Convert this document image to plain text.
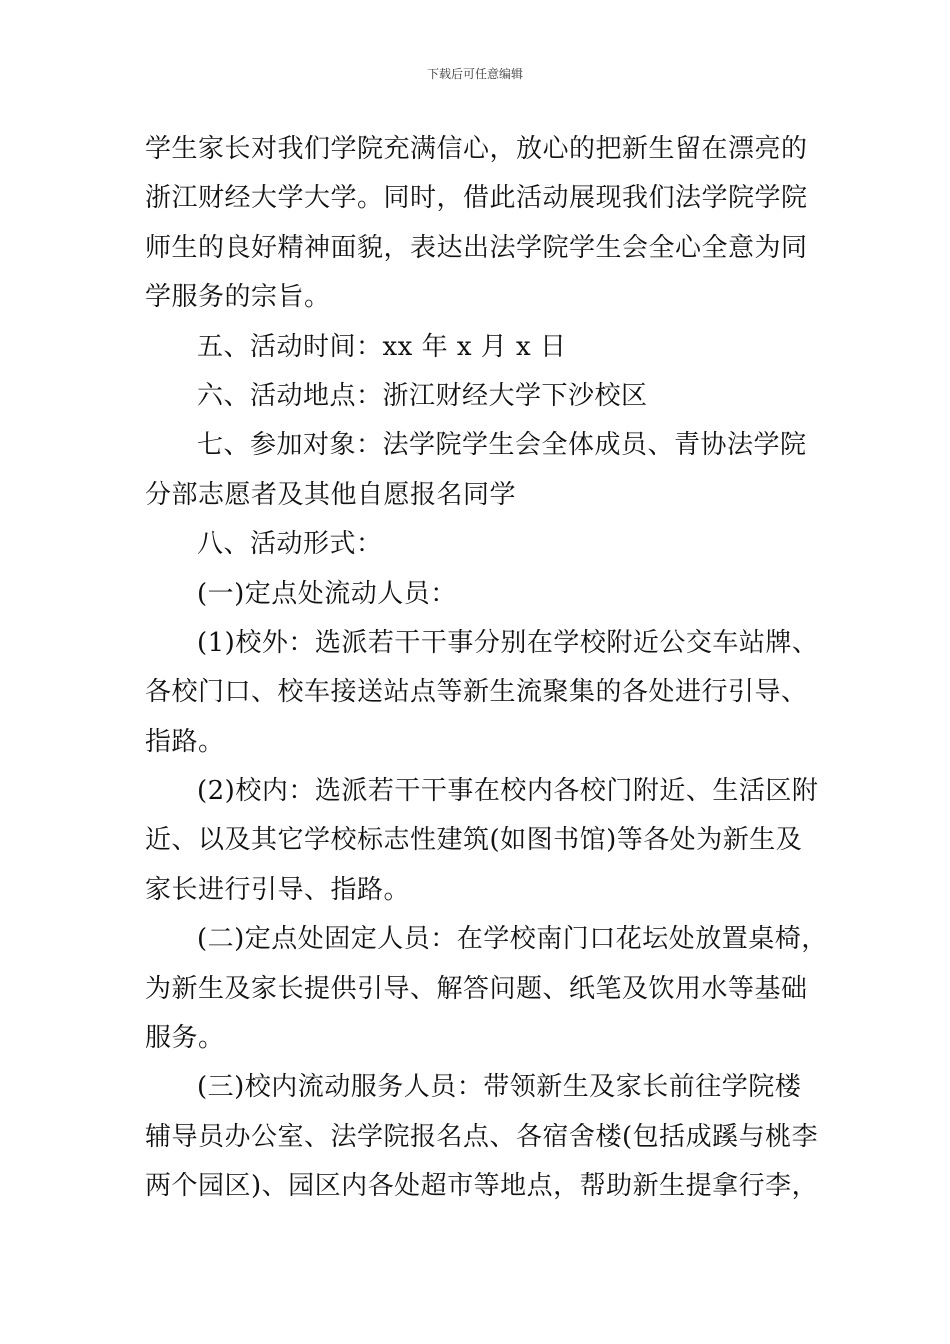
下载后可任意编辑
学生家长对我们学院充满信心，放心的把新生留在漂亮的
浙江财经大学大学。同时，借此活动展现我们法学院学院
师生的良好精神面貌，表达出法学院学生会全心全意为同
学服务的宗旨。
五、活动时间：xx 年 x 月 x 日
六、活动地点：浙江财经大学下沙校区
七、参加对象：法学院学生会全体成员、青协法学院
分部志愿者及其他自愿报名同学
八、活动形式：
(一)定点处流动人员：
(1)校外：选派若干干事分别在学校附近公交车站牌、
各校门口、校车接送站点等新生流聚集的各处进行引导、
指路。
(2)校内：选派若干干事在校内各校门附近、生活区附
近、以及其它学校标志性建筑(如图书馆)等各处为新生及
家长进行引导、指路。
(二)定点处固定人员：在学校南门口花坛处放置桌椅，
为新生及家长提供引导、解答问题、纸笔及饮用水等基础
服务。
(三)校内流动服务人员：带领新生及家长前往学院楼
辅导员办公室、法学院报名点、各宿舍楼(包括成蹊与桃李
两个园区)、园区内各处超市等地点，帮助新生提拿行李，
